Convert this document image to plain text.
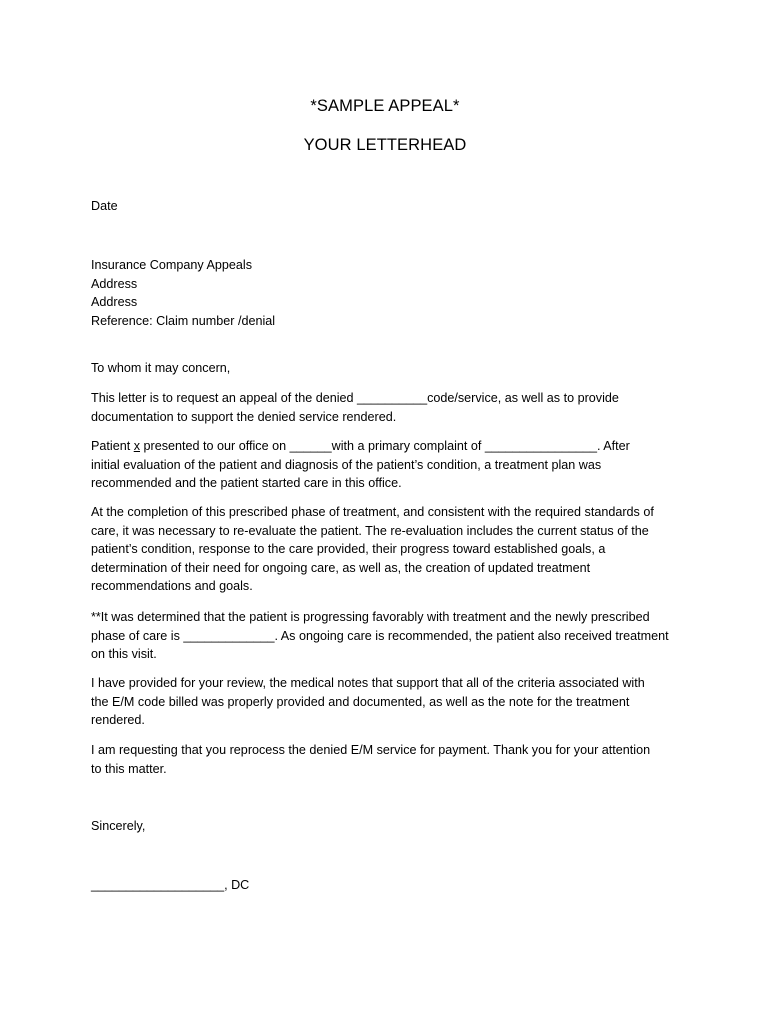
*SAMPLE APPEAL*
YOUR LETTERHEAD
Date
Insurance Company Appeals
Address
Address
Reference: Claim number /denial
To whom it may concern,
This letter is to request an appeal of the denied __________code/service, as well as to provide
documentation to support the denied service rendered.
Patient x presented to our office on ______with a primary complaint of ________________. After
initial evaluation of the patient and diagnosis of the patient’s condition, a treatment plan was
recommended and the patient started care in this office.
At the completion of this prescribed phase of treatment, and consistent with the required standards of
care, it was necessary to re-evaluate the patient. The re-evaluation includes the current status of the
patient’s condition, response to the care provided, their progress toward established goals, a
determination of their need for ongoing care, as well as, the creation of updated treatment
recommendations and goals.
**It was determined that the patient is progressing favorably with treatment and the newly prescribed
phase of care is _____________. As ongoing care is recommended, the patient also received treatment
on this visit.
I have provided for your review, the medical notes that support that all of the criteria associated with
the E/M code billed was properly provided and documented, as well as the note for the treatment
rendered.
I am requesting that you reprocess the denied E/M service for payment. Thank you for your attention
to this matter.
Sincerely,
___________________, DC
